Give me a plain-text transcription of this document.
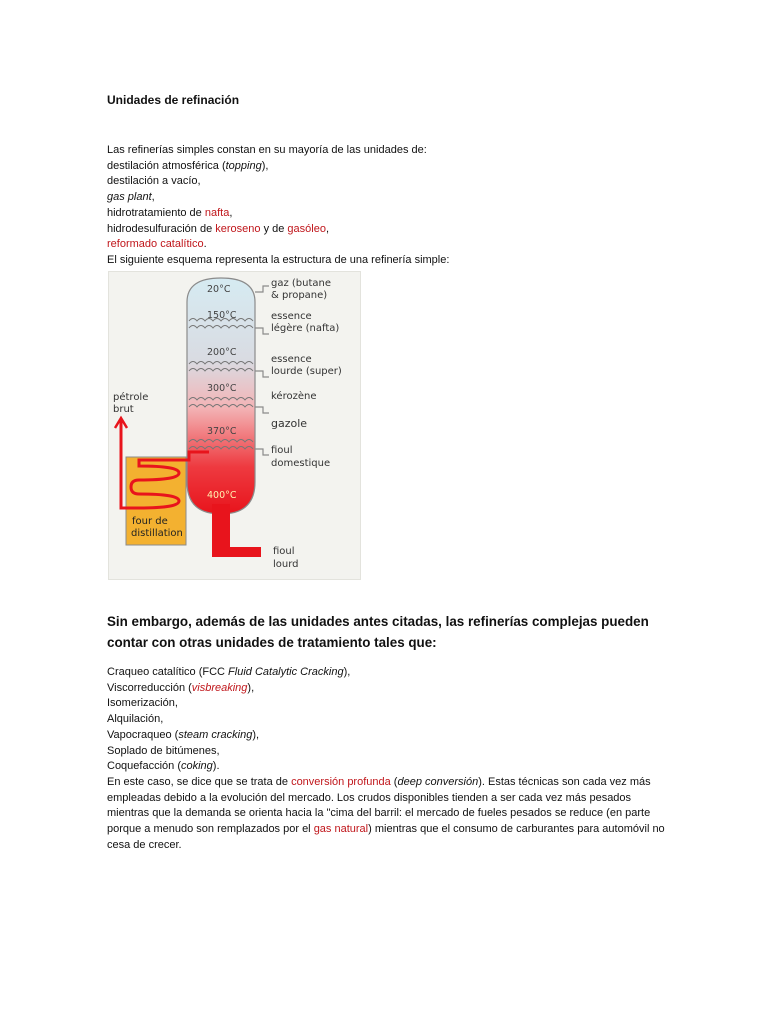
Unidades de refinación
Las refinerías simples constan en su mayoría de las unidades de:
destilación atmosférica (topping),
destilación a vacío,
gas plant,
hidrotratamiento de nafta,
hidrodesulfuración de keroseno y de gasóleo,
reformado catalítico.
El siguiente esquema representa la estructura de una refinería simple:
20°C
150°C
200°C
300°C
370°C
400°C
gaz (butane
& propane)
essence
légère (nafta)
essence
lourde (super)
kérozène
gazole
fioul
domestique
fioul
lourd
pétrole
brut
four de
distillation
Sin embargo, además de las unidades antes citadas, las refinerías complejas pueden contar con otras unidades de tratamiento tales que:
Craqueo catalítico (FCC Fluid Catalytic Cracking),
Viscorreducción (visbreaking),
Isomerización,
Alquilación,
Vapocraqueo (steam cracking),
Soplado de bitúmenes,
Coquefacción (coking).
En este caso, se dice que se trata de conversión profunda (deep conversión). Estas técnicas son cada vez más empleadas debido a la evolución del mercado. Los crudos disponibles tienden a ser cada vez más pesados mientras que la demanda se orienta hacia la "cima del barril: el mercado de fueles pesados se reduce (en parte porque a menudo son remplazados por el gas natural) mientras que el consumo de carburantes para automóvil no cesa de crecer.
